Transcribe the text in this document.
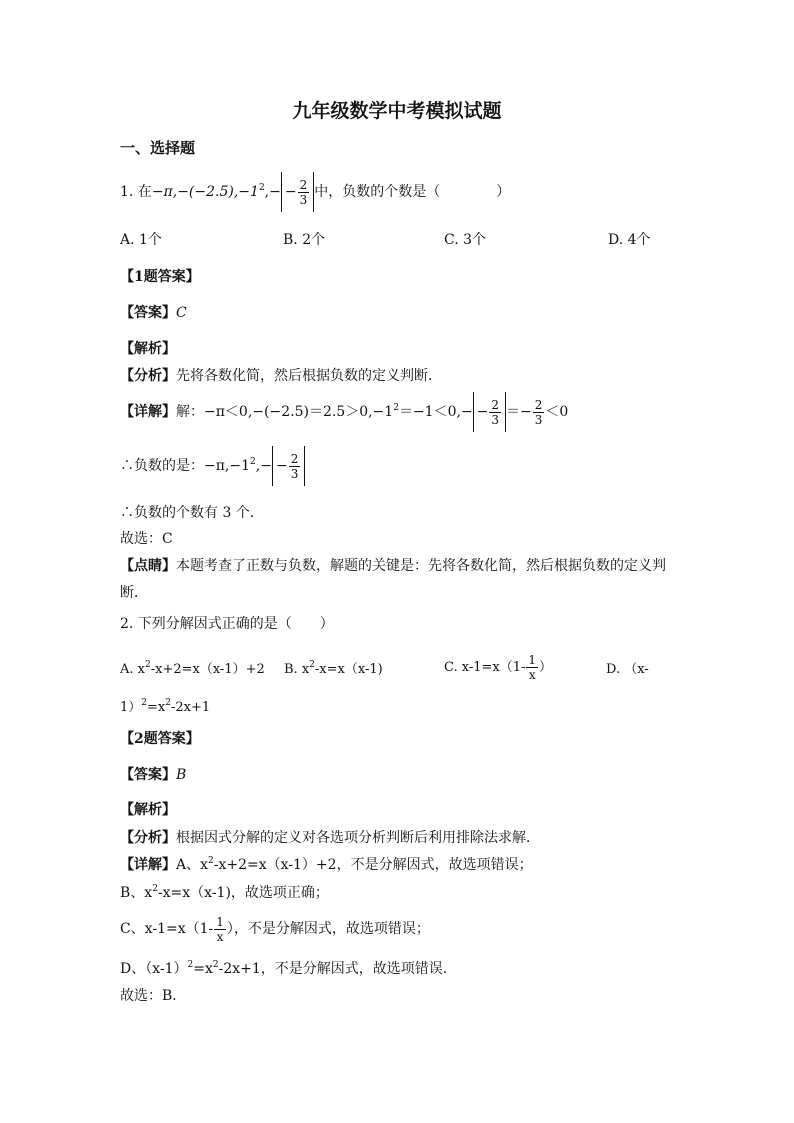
九年级数学中考模拟试题
一、选择题
1. 在$-\pi,-(-2.5),-1^2,- - \frac{2}{3}$ 中，负数的个数是（　　　　）
A. 1个	B. 2个	C. 3个	D. 4个
【1题答案】
【答案】C
【解析】
【分析】先将各数化简，然后根据负数的定义判断．
【详解】解：$-\pi<0,-(-2.5)=2.5>0,-1^2=-1<0,- - \frac{2}{3} =- \frac{2}{3} <0$
∴负数的是：$-\pi,-1^2,- - \frac{2}{3}$
∴负数的个数有 3 个．
故选：C
【点睛】本题考查了正数与负数，解题的关键是：先将各数化简，然后根据负数的定义判
断．
2. 下列分解因式正确的是（　　）
A. $x^2-x+2=x(x-1)+2$ B. $x^2-x=x(x-1)$	C. $x-1=x(1- \frac{1}{x}$ ）	D. （x-
$1)^2=x^2-2x+1$
【2题答案】
【答案】B
【解析】
【分析】根据因式分解的定义对各选项分析判断后利用排除法求解．
【详解】A、$x^2-x+2=x(x-1)+2$，不是分解因式，故选项错误；
B、$x^2-x=x(x-1)$，故选项正确；
C、$x-1=x(1- \frac{1}{x}$ ），不是分解因式，故选项错误；
D、$(x-1)^2=x^2-2x+1$，不是分解因式，故选项错误．
故选：B．
